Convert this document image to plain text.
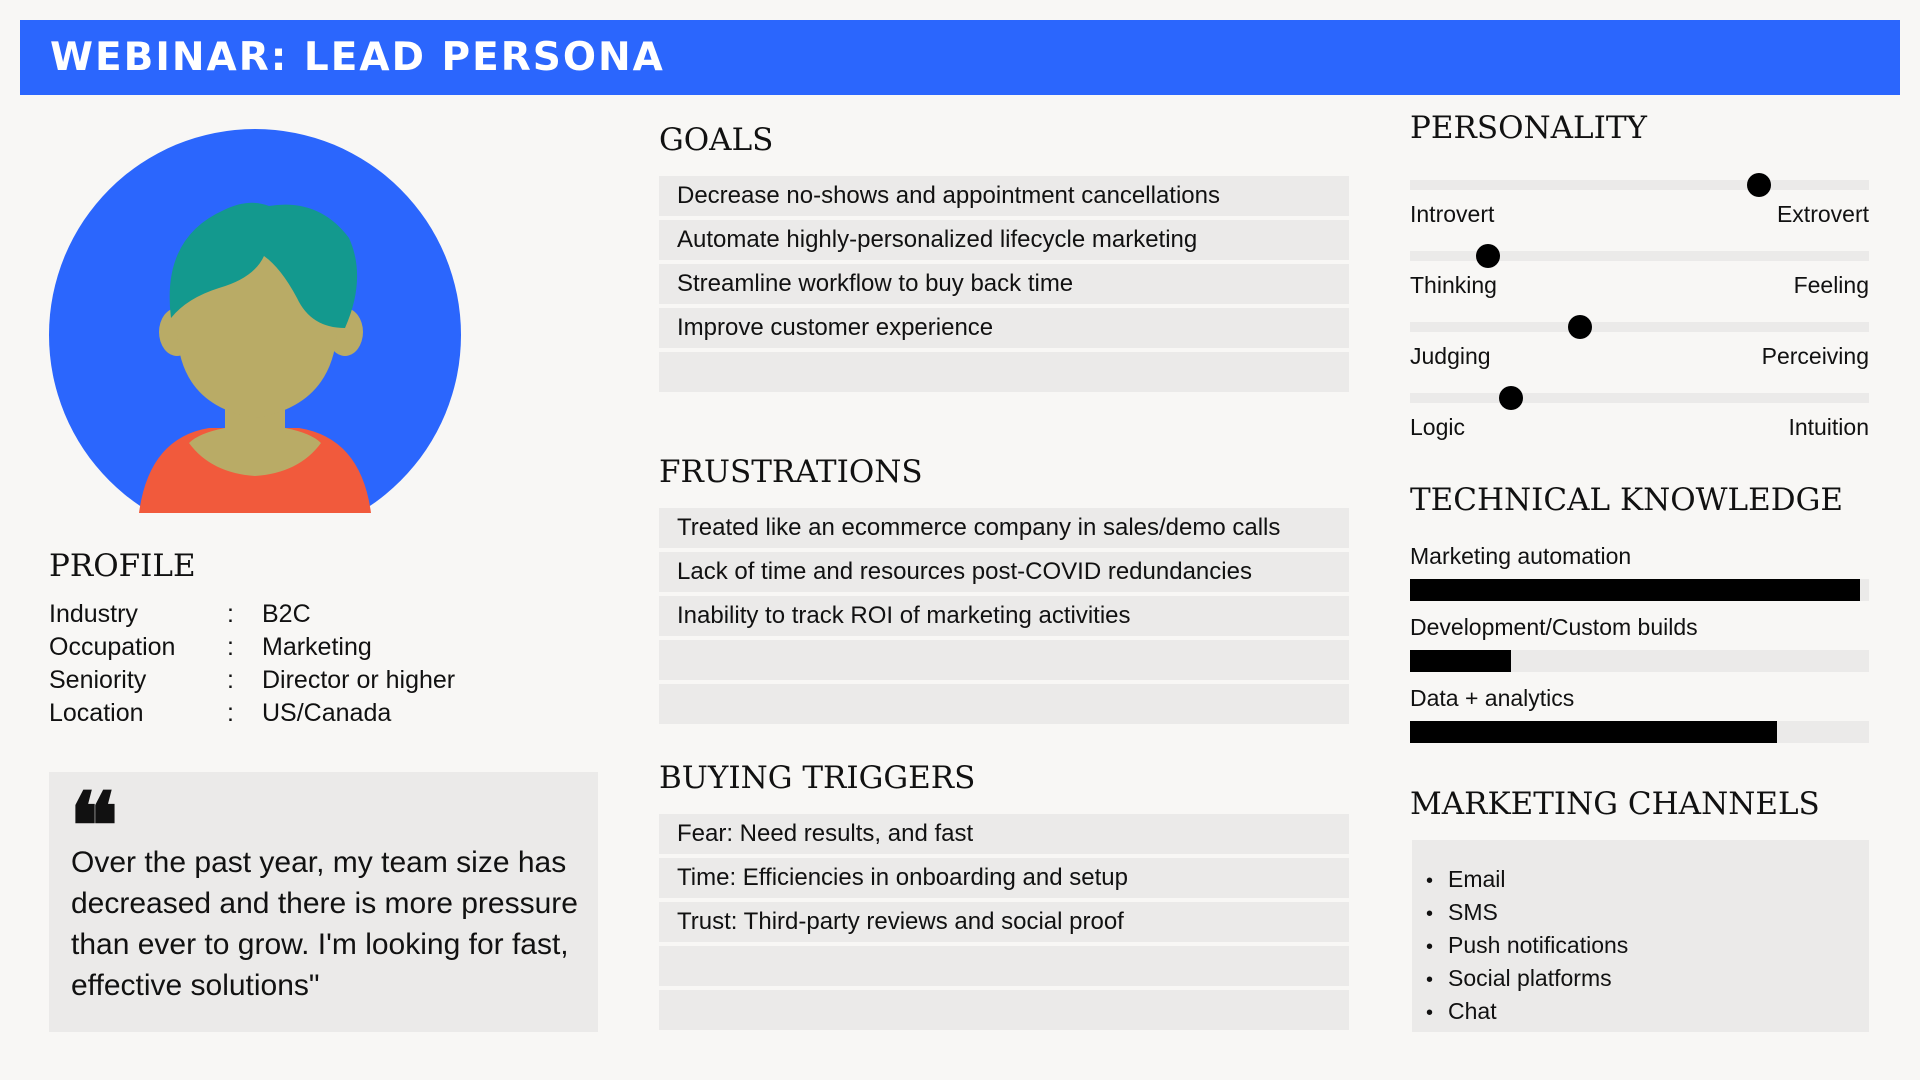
WEBINAR: LEAD PERSONA
PROFILE
Industry	: B2C
Occupation : Marketing
Seniority	: Director or higher
Location	: US/Canada
❝
Over the past year, my team size has decreased and there is more pressure than ever to grow. I'm looking for fast, effective solutions"
GOALS
Decrease no-shows and appointment cancellations
Automate highly-personalized lifecycle marketing
Streamline workflow to buy back time
Improve customer experience
FRUSTRATIONS
Treated like an ecommerce company in sales/demo calls
Lack of time and resources post-COVID redundancies
Inability to track ROI of marketing activities
BUYING TRIGGERS
Fear: Need results, and fast
Time: Efficiencies in onboarding and setup
Trust: Third-party reviews and social proof
PERSONALITY
Introvert	Extrovert
Thinking	Feeling
Judging	Perceiving
Logic	Intuition
TECHNICAL KNOWLEDGE
Marketing automation
Development/Custom builds
Data + analytics
MARKETING CHANNELS
• Email
• SMS
• Push notifications
• Social platforms
• Chat
